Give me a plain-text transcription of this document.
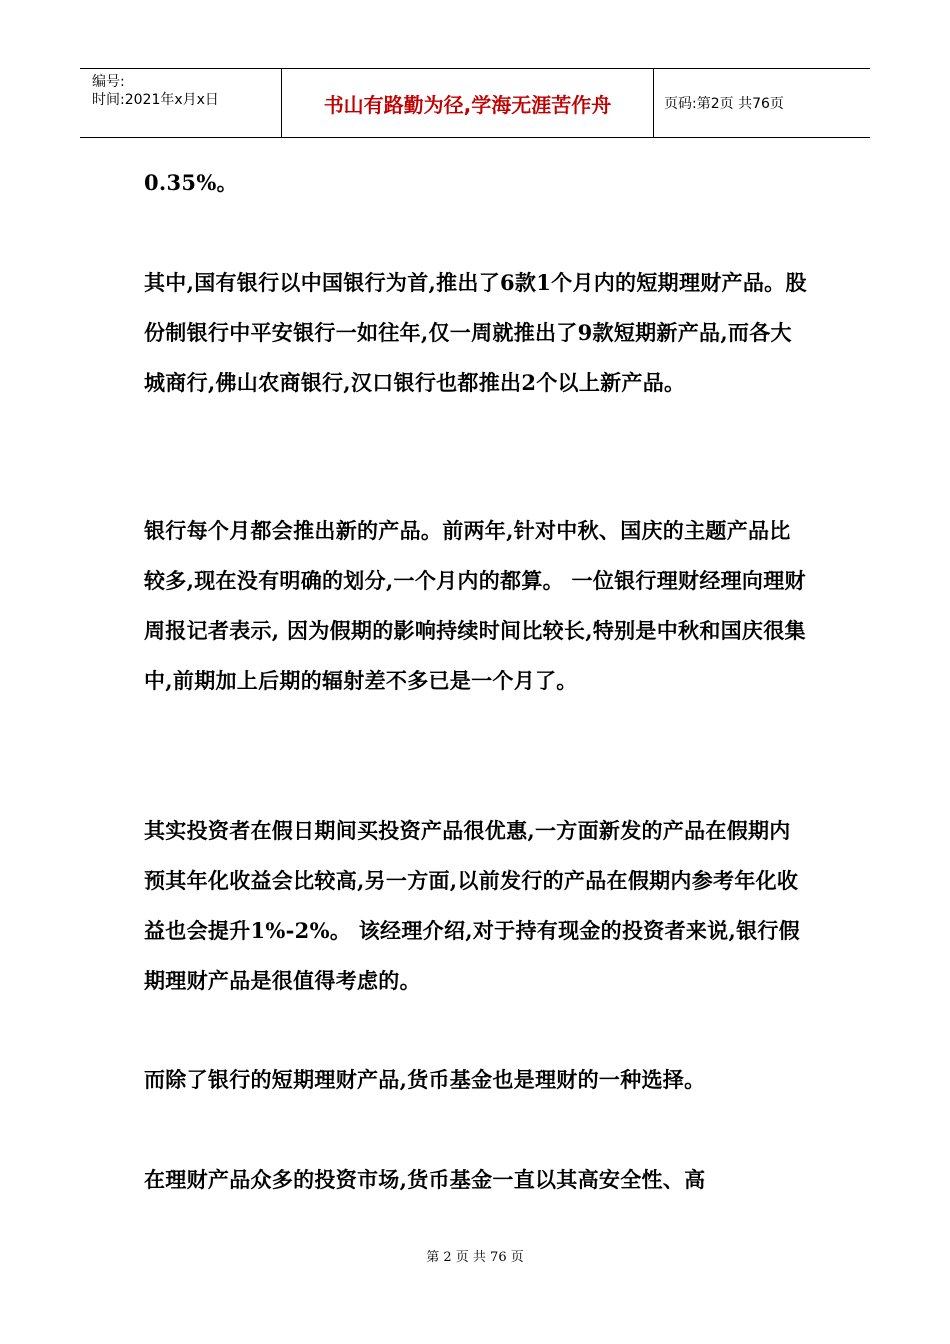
编号:
时间:2021年x月x日	书山有路勤为径,学海无涯苦作舟	页码:第2页 共76页

0.35%。

其中,国有银行以中国银行为首,推出了6款1个月内的短期理财产品。股份制银行中平安银行一如往年,仅一周就推出了9款短期新产品,而各大城商行,佛山农商银行,汉口银行也都推出2个以上新产品。

银行每个月都会推出新的产品。前两年,针对中秋、国庆的主题产品比较多,现在没有明确的划分,一个月内的都算。 一位银行理财经理向理财周报记者表示, 因为假期的影响持续时间比较长,特别是中秋和国庆很集中,前期加上后期的辐射差不多已是一个月了。

其实投资者在假日期间买投资产品很优惠,一方面新发的产品在假期内预其年化收益会比较高,另一方面,以前发行的产品在假期内参考年化收益也会提升1%-2%。 该经理介绍,对于持有现金的投资者来说,银行假期理财产品是很值得考虑的。

而除了银行的短期理财产品,货币基金也是理财的一种选择。

在理财产品众多的投资市场,货币基金一直以其高安全性、高

第 2 页 共 76 页
